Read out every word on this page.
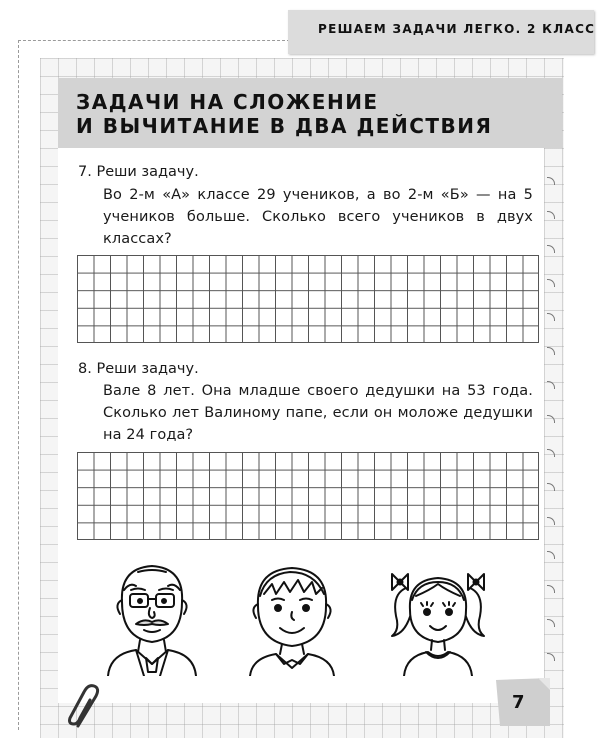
РЕШАЕМ ЗАДАЧИ ЛЕГКО. 2 КЛАСС
ЗАДАЧИ НА СЛОЖЕНИЕ
И ВЫЧИТАНИЕ В ДВА ДЕЙСТВИЯ
7. Реши задачу.

Во 2-м «А» классе 29 учеников, а во 2-м «Б» — на 5 учеников больше. Сколько всего учеников в двух классах?

8. Реши задачу.

Вале 8 лет. Она младше своего дедушки на 53 года. Сколько лет Валиному папе, если он моложе дедушки на 24 года?

7
